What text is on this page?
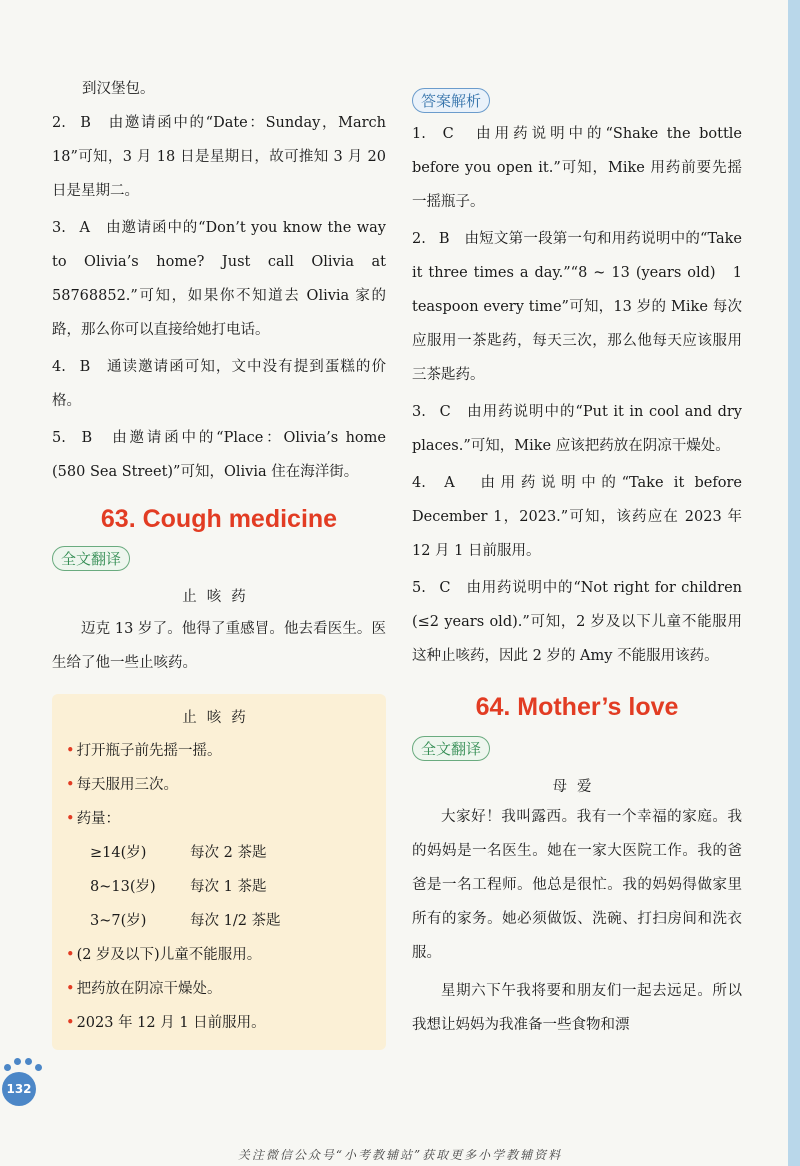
到汉堡包。

2. B　由邀请函中的“Date：Sunday，March 18”可知，3 月 18 日是星期日，故可推知 3 月 20 日是星期二。

3. A　由邀请函中的“Don’t you know the way to Olivia’s home? Just call Olivia at 58768852.”可知，如果你不知道去 Olivia 家的路，那么你可以直接给她打电话。

4. B　通读邀请函可知，文中没有提到蛋糕的价格。

5. B　由邀请函中的“Place：Olivia’s home (580 Sea Street)”可知，Olivia 住在海洋街。

63. Cough medicine
全文翻译

止咳药

迈克 13 岁了。他得了重感冒。他去看医生。医生给了他一些止咳药。

止咳药
• 打开瓶子前先摇一摇。
• 每天服用三次。
• 药量：
≥14(岁)	每次 2 茶匙
8~13(岁) 每次 1 茶匙
3~7(岁)	每次 1/2 茶匙
• (2 岁及以下)儿童不能服用。
• 把药放在阴凉干燥处。
• 2023 年 12 月 1 日前服用。
答案解析

1. C　由用药说明中的“Shake the bottle before you open it.”可知，Mike 用药前要先摇一摇瓶子。

2. B　由短文第一段第一句和用药说明中的“Take it three times a day.”“8 ~ 13 (years old)　1 teaspoon every time”可知，13 岁的 Mike 每次应服用一茶匙药，每天三次，那么他每天应该服用三茶匙药。

3. C　由用药说明中的“Put it in cool and dry places.”可知，Mike 应该把药放在阴凉干燥处。

4. A　由用药说明中的“Take it before December 1，2023.”可知，该药应在 2023 年 12 月 1 日前服用。

5. C　由用药说明中的“Not right for children (≤2 years old).”可知，2 岁及以下儿童不能服用这种止咳药，因此 2 岁的 Amy 不能服用该药。

64. Mother’s love
全文翻译

母爱

大家好！我叫露西。我有一个幸福的家庭。我的妈妈是一名医生。她在一家大医院工作。我的爸爸是一名工程师。他总是很忙。我的妈妈得做家里所有的家务。她必须做饭、洗碗、打扫房间和洗衣服。

星期六下午我将要和朋友们一起去远足。所以我想让妈妈为我准备一些食物和漂

132
关注微信公众号“小考教辅站”获取更多小学教辅资料
